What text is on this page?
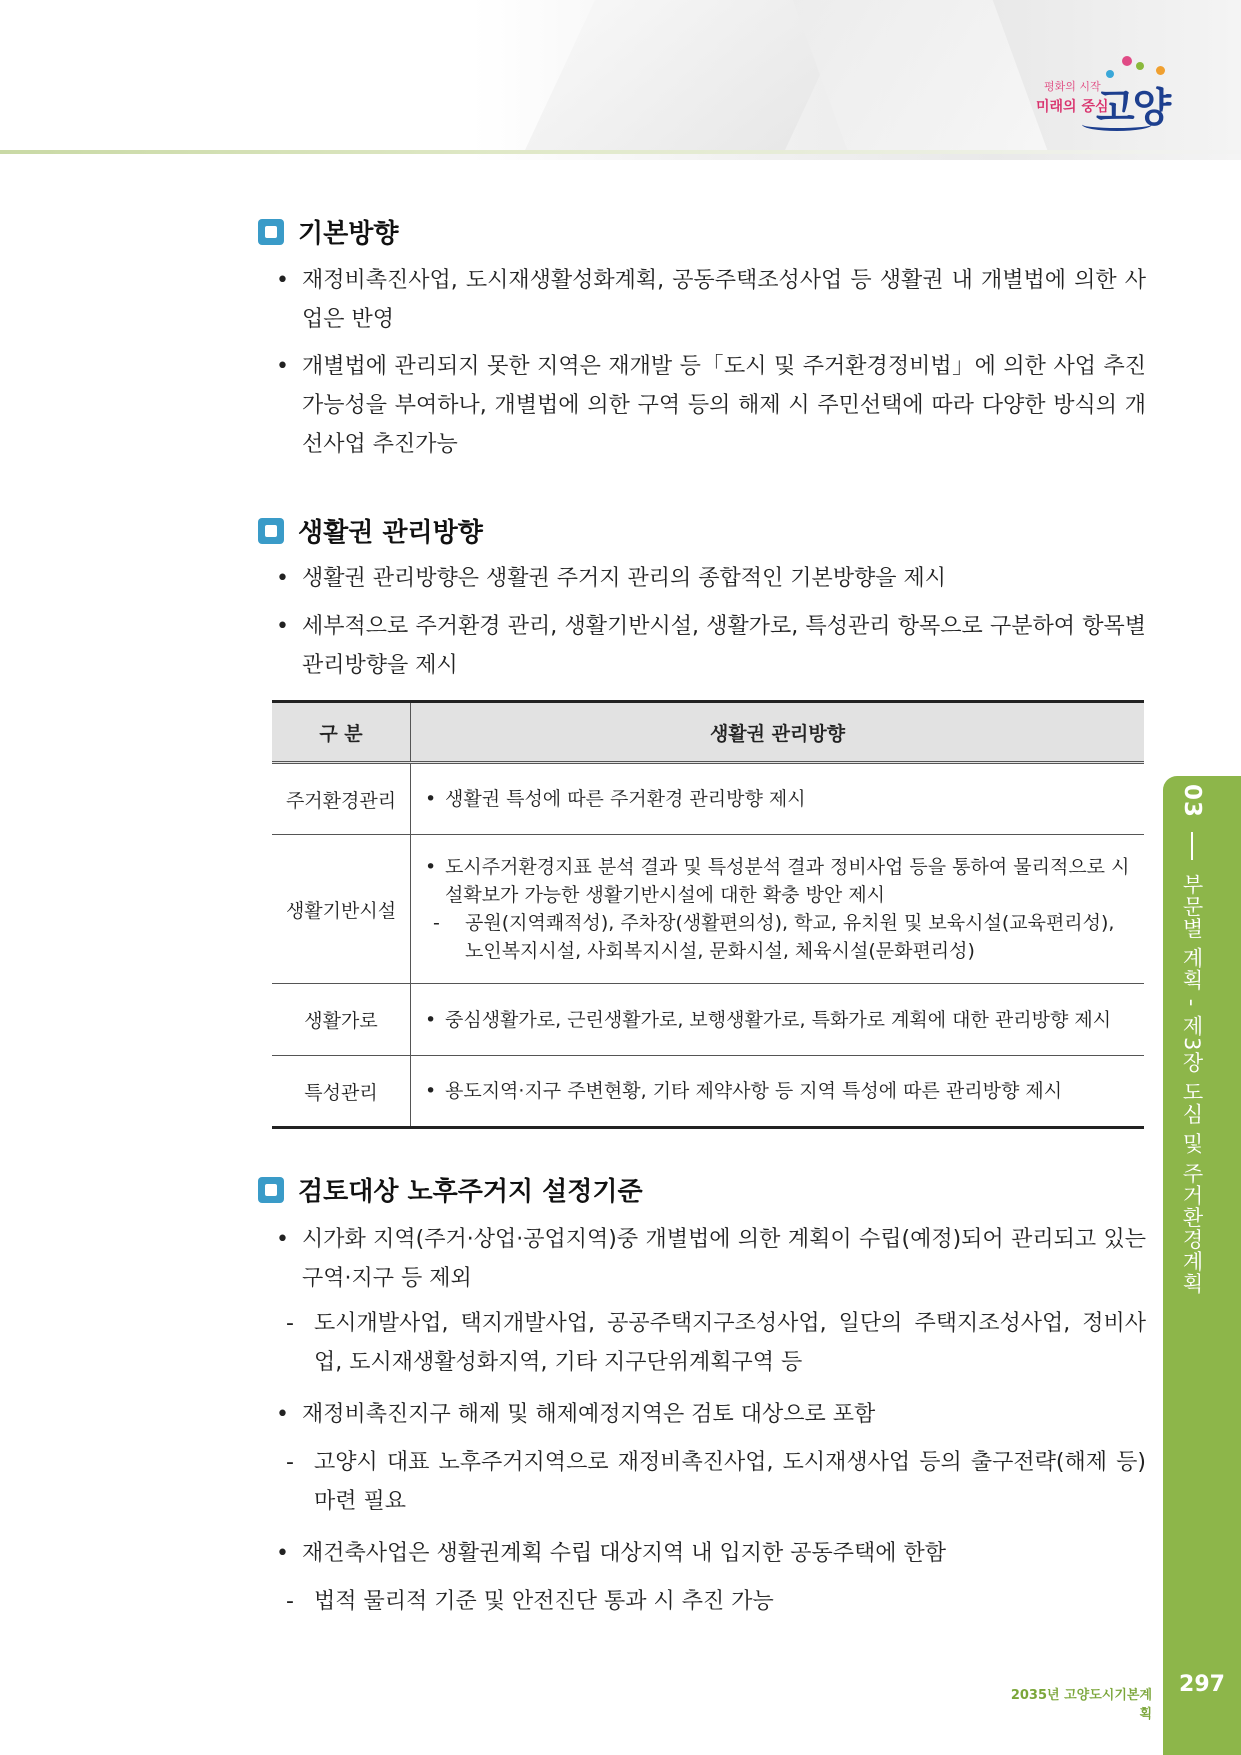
평화의 시작
미래의 중심
고양
기본방향
• 재정비촉진사업, 도시재생활성화계획, 공동주택조성사업 등 생활권 내 개별법에 의한 사업은 반영
• 개별법에 관리되지 못한 지역은 재개발 등「도시 및 주거환경정비법」에 의한 사업 추진 가능성을 부여하나, 개별법에 의한 구역 등의 해제 시 주민선택에 따라 다양한 방식의 개선사업 추진가능
생활권 관리방향
• 생활권 관리방향은 생활권 주거지 관리의 종합적인 기본방향을 제시
• 세부적으로 주거환경 관리, 생활기반시설, 생활가로, 특성관리 항목으로 구분하여 항목별 관리방향을 제시
구 분	생활권 관리방향
주거환경관리	• 생활권 특성에 따른 주거환경 관리방향 제시

생활기반시설	• 도시주거환경지표 분석 결과 및 특성분석 결과 정비사업 등을 통하여 물리적으로 시설확보가 가능한 생활기반시설에 대한 확충 방안 제시
- 공원(지역쾌적성), 주차장(생활편의성), 학교, 유치원 및 보육시설(교육편리성), 노인복지시설, 사회복지시설, 문화시설, 체육시설(문화편리성)

생활가로	• 중심생활가로, 근린생활가로, 보행생활가로, 특화가로 계획에 대한 관리방향 제시

특성관리	• 용도지역·지구 주변현황, 기타 제약사항 등 지역 특성에 따른 관리방향 제시
검토대상 노후주거지 설정기준
• 시가화 지역(주거·상업·공업지역)중 개별법에 의한 계획이 수립(예정)되어 관리되고 있는 구역·지구 등 제외
- 도시개발사업, 택지개발사업, 공공주택지구조성사업, 일단의 주택지조성사업, 정비사업, 도시재생활성화지역, 기타 지구단위계획구역 등
• 재정비촉진지구 해제 및 해제예정지역은 검토 대상으로 포함
- 고양시 대표 노후주거지역으로 재정비촉진사업, 도시재생사업 등의 출구전략(해제 등) 마련 필요
• 재건축사업은 생활권계획 수립 대상지역 내 입지한 공동주택에 한함
- 법적 물리적 기준 및 안전진단 통과 시 추진 가능
03  부문별 계획 - 제3장 도심 및 주거환경계획
2035년 고양도시기본계획
297
